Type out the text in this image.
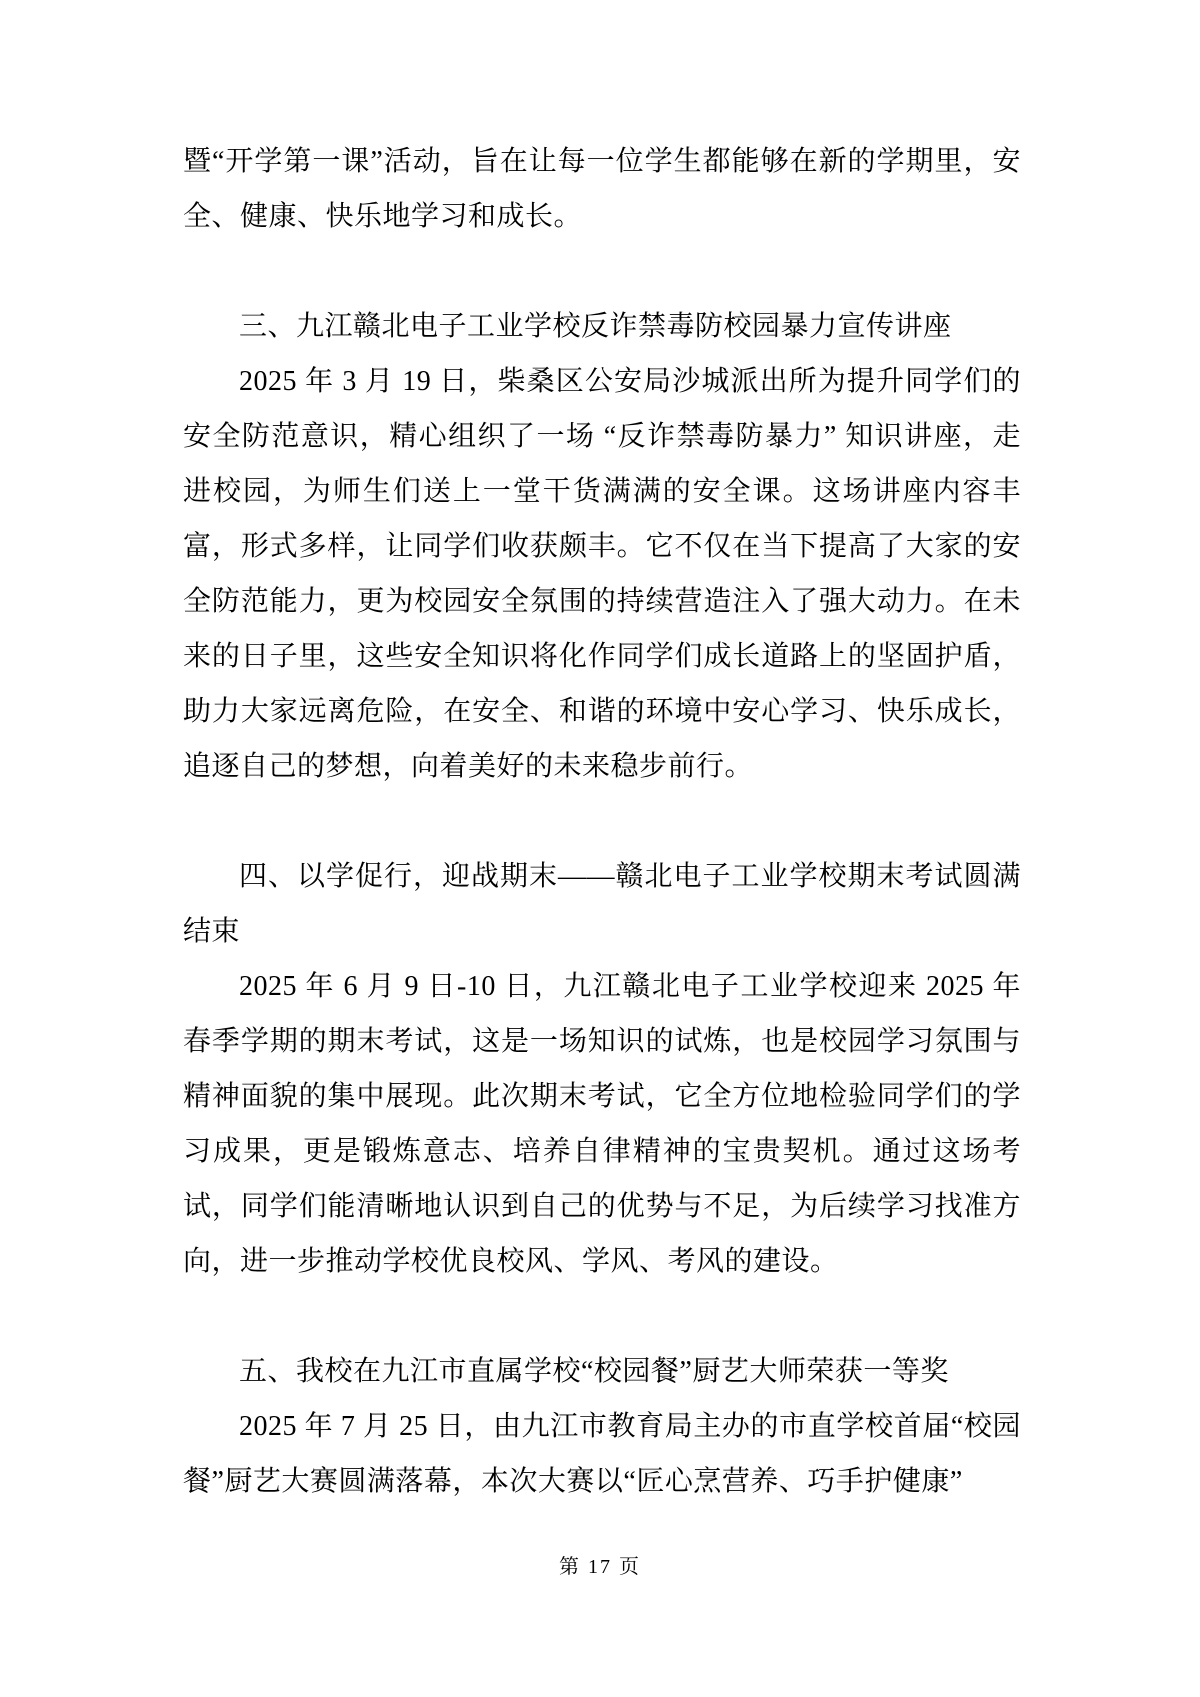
暨“开学第一课”活动，旨在让每一位学生都能够在新的学期里，安全、健康、快乐地学习和成长。

三、九江赣北电子工业学校反诈禁毒防校园暴力宣传讲座

2025 年 3 月 19 日，柴桑区公安局沙城派出所为提升同学们的安全防范意识，精心组织了一场 “反诈禁毒防暴力” 知识讲座，走进校园，为师生们送上一堂干货满满的安全课。这场讲座内容丰富，形式多样，让同学们收获颇丰。它不仅在当下提高了大家的安全防范能力，更为校园安全氛围的持续营造注入了强大动力。在未来的日子里，这些安全知识将化作同学们成长道路上的坚固护盾，助力大家远离危险，在安全、和谐的环境中安心学习、快乐成长，追逐自己的梦想，向着美好的未来稳步前行。

四、以学促行，迎战期末——赣北电子工业学校期末考试圆满结束

2025 年 6 月 9 日-10 日，九江赣北电子工业学校迎来 2025 年春季学期的期末考试，这是一场知识的试炼，也是校园学习氛围与精神面貌的集中展现。此次期末考试，它全方位地检验同学们的学习成果，更是锻炼意志、培养自律精神的宝贵契机。通过这场考试，同学们能清晰地认识到自己的优势与不足，为后续学习找准方向，进一步推动学校优良校风、学风、考风的建设。

五、我校在九江市直属学校“校园餐”厨艺大师荣获一等奖

2025 年 7 月 25 日，由九江市教育局主办的市直学校首届“校园餐”厨艺大赛圆满落幕，本次大赛以“匠心烹营养、巧手护健康”

第 17 页
